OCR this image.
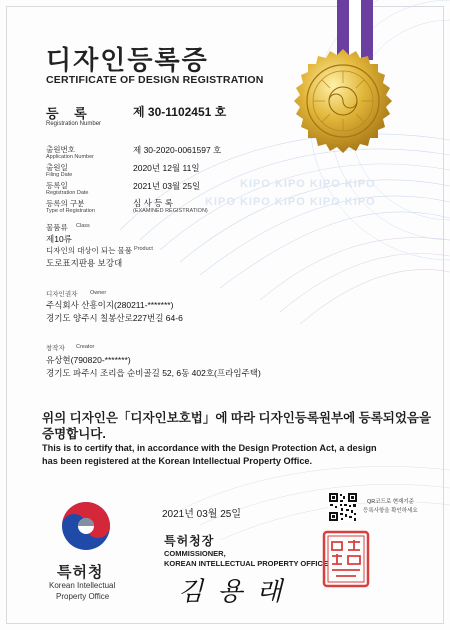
KIPO KIPO KIPO KIPO
KIPO KIPO KIPO KIPO KIPO
디자인등록증
CERTIFICATE OF DESIGN REGISTRATION
등 록
Registration Number
제 30-1102451 호
출원번호
Application Number
제 30-2020-0061597 호
출원일
Filing Date
2020년 12월 11일
등록일
Registration Date
2021년 03월 25일
등록의 구분
Type of Registration
심 사 등 록
(EXAMINED REGISTRATION)
물품류 Class
제10류
디자인의 대상이 되는 물품 Product
도로표지판용 보강대
디자인권자 Owner
주식회사 산흥이지(280211-*******)
경기도 양주시 칠봉산로227번길 64-6
창작자 Creator
유상현(790820-*******)
경기도 파주시 조리읍 순비골길 52, 6동 402호(프라임주택)
위의 디자인은「디자인보호법」에 따라 디자인등록원부에 등록되었음을
증명합니다.
This is to certify that, in accordance with the Design Protection Act, a design
has been registered at the Korean Intellectual Property Office.
2021년 03월 25일
특허청장
COMMISSIONER,
KOREAN INTELLECTUAL PROPERTY OFFICE
김 용 래
QR코드로 현재기준
등록사항을 확인하세요
특허청
Korean Intellectual
Property Office
